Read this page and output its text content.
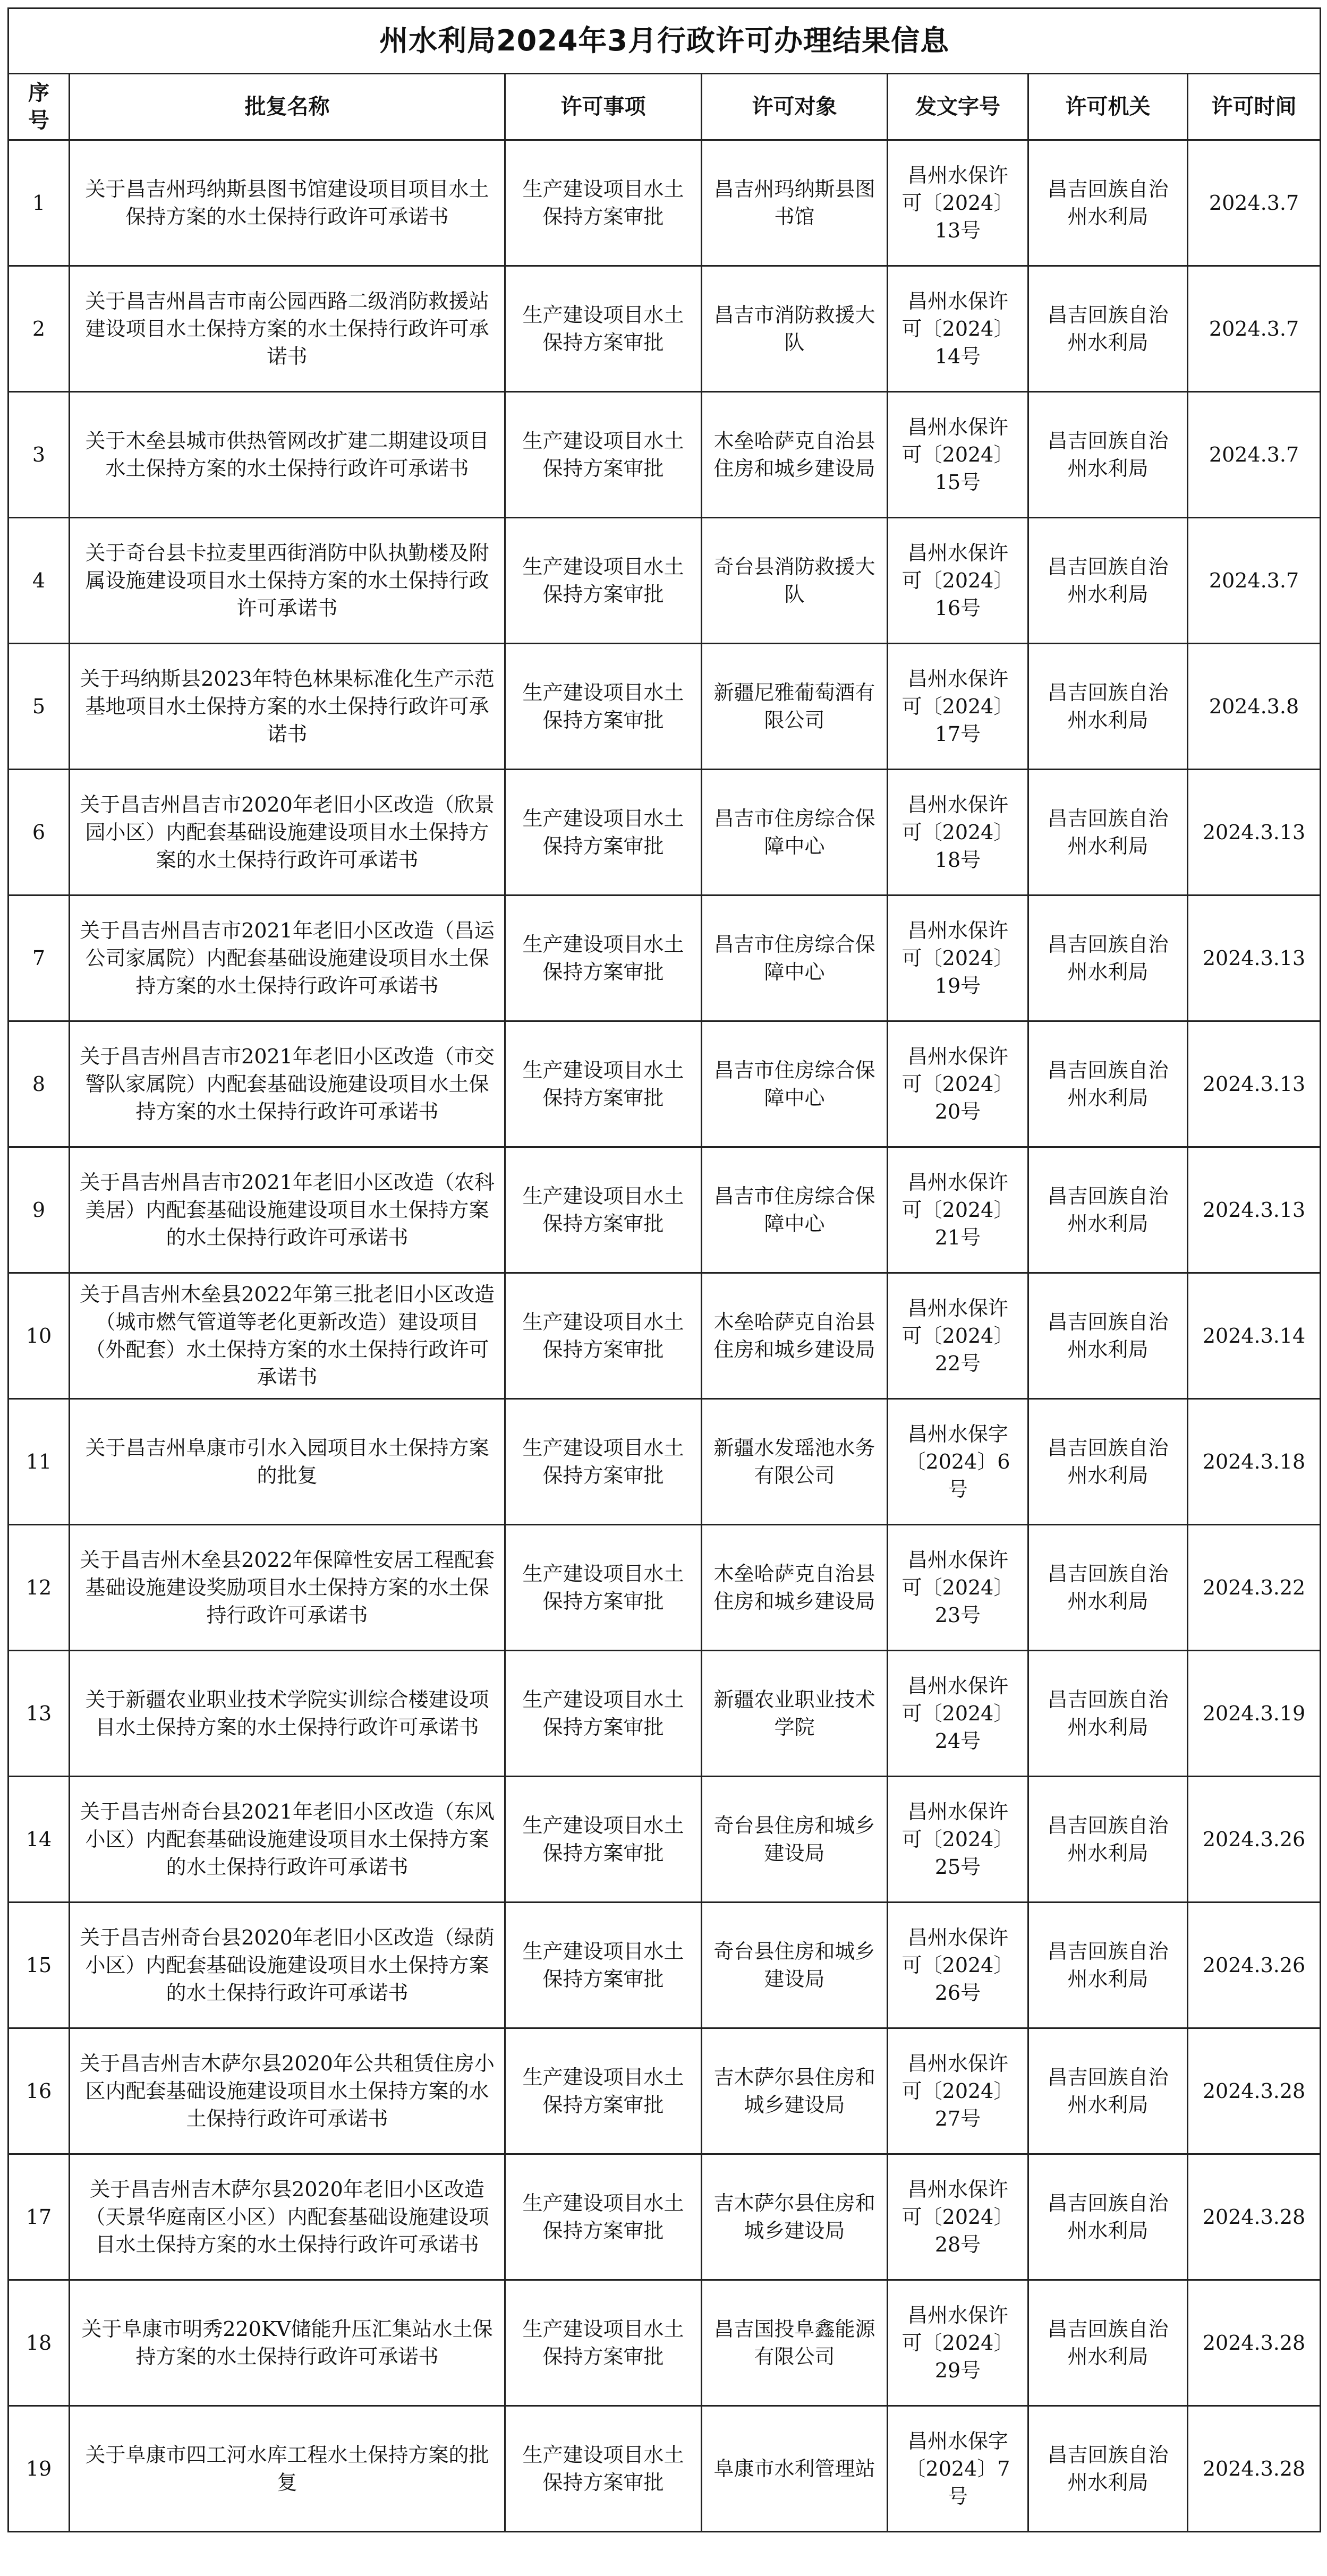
州水利局2024年3月行政许可办理结果信息						
序号	批复名称	许可事项	许可对象	发文字号	许可机关	许可时间
1	关于昌吉州玛纳斯县图书馆建设项目项目水土保持方案的水土保持行政许可承诺书	生产建设项目水土保持方案审批	昌吉州玛纳斯县图书馆	昌州水保许可〔2024〕13号	昌吉回族自治州水利局	2024.3.7
2	关于昌吉州昌吉市南公园西路二级消防救援站建设项目水土保持方案的水土保持行政许可承诺书	生产建设项目水土保持方案审批	昌吉市消防救援大队	昌州水保许可〔2024〕14号	昌吉回族自治州水利局	2024.3.7
3	关于木垒县城市供热管网改扩建二期建设项目水土保持方案的水土保持行政许可承诺书	生产建设项目水土保持方案审批	木垒哈萨克自治县住房和城乡建设局	昌州水保许可〔2024〕15号	昌吉回族自治州水利局	2024.3.7
4	关于奇台县卡拉麦里西街消防中队执勤楼及附属设施建设项目水土保持方案的水土保持行政许可承诺书	生产建设项目水土保持方案审批	奇台县消防救援大队	昌州水保许可〔2024〕16号	昌吉回族自治州水利局	2024.3.7
5	关于玛纳斯县2023年特色林果标准化生产示范基地项目水土保持方案的水土保持行政许可承诺书	生产建设项目水土保持方案审批	新疆尼雅葡萄酒有限公司	昌州水保许可〔2024〕17号	昌吉回族自治州水利局	2024.3.8
6	关于昌吉州昌吉市2020年老旧小区改造（欣景园小区）内配套基础设施建设项目水土保持方案的水土保持行政许可承诺书	生产建设项目水土保持方案审批	昌吉市住房综合保障中心	昌州水保许可〔2024〕18号	昌吉回族自治州水利局	2024.3.13
7	关于昌吉州昌吉市2021年老旧小区改造（昌运公司家属院）内配套基础设施建设项目水土保持方案的水土保持行政许可承诺书	生产建设项目水土保持方案审批	昌吉市住房综合保障中心	昌州水保许可〔2024〕19号	昌吉回族自治州水利局	2024.3.13
8	关于昌吉州昌吉市2021年老旧小区改造（市交警队家属院）内配套基础设施建设项目水土保持方案的水土保持行政许可承诺书	生产建设项目水土保持方案审批	昌吉市住房综合保障中心	昌州水保许可〔2024〕20号	昌吉回族自治州水利局	2024.3.13
9	关于昌吉州昌吉市2021年老旧小区改造（农科美居）内配套基础设施建设项目水土保持方案的水土保持行政许可承诺书	生产建设项目水土保持方案审批	昌吉市住房综合保障中心	昌州水保许可〔2024〕21号	昌吉回族自治州水利局	2024.3.13
10	关于昌吉州木垒县2022年第三批老旧小区改造（城市燃气管道等老化更新改造）建设项目（外配套）水土保持方案的水土保持行政许可承诺书	生产建设项目水土保持方案审批	木垒哈萨克自治县住房和城乡建设局	昌州水保许可〔2024〕22号	昌吉回族自治州水利局	2024.3.14
11	关于昌吉州阜康市引水入园项目水土保持方案的批复	生产建设项目水土保持方案审批	新疆水发瑶池水务有限公司	昌州水保字〔2024〕6号	昌吉回族自治州水利局	2024.3.18
12	关于昌吉州木垒县2022年保障性安居工程配套基础设施建设奖励项目水土保持方案的水土保持行政许可承诺书	生产建设项目水土保持方案审批	木垒哈萨克自治县住房和城乡建设局	昌州水保许可〔2024〕23号	昌吉回族自治州水利局	2024.3.22
13	关于新疆农业职业技术学院实训综合楼建设项目水土保持方案的水土保持行政许可承诺书	生产建设项目水土保持方案审批	新疆农业职业技术学院	昌州水保许可〔2024〕24号	昌吉回族自治州水利局	2024.3.19
14	关于昌吉州奇台县2021年老旧小区改造（东风小区）内配套基础设施建设项目水土保持方案的水土保持行政许可承诺书	生产建设项目水土保持方案审批	奇台县住房和城乡建设局	昌州水保许可〔2024〕25号	昌吉回族自治州水利局	2024.3.26
15	关于昌吉州奇台县2020年老旧小区改造（绿荫小区）内配套基础设施建设项目水土保持方案的水土保持行政许可承诺书	生产建设项目水土保持方案审批	奇台县住房和城乡建设局	昌州水保许可〔2024〕26号	昌吉回族自治州水利局	2024.3.26
16	关于昌吉州吉木萨尔县2020年公共租赁住房小区内配套基础设施建设项目水土保持方案的水土保持行政许可承诺书	生产建设项目水土保持方案审批	吉木萨尔县住房和城乡建设局	昌州水保许可〔2024〕27号	昌吉回族自治州水利局	2024.3.28
17	关于昌吉州吉木萨尔县2020年老旧小区改造（天景华庭南区小区）内配套基础设施建设项目水土保持方案的水土保持行政许可承诺书	生产建设项目水土保持方案审批	吉木萨尔县住房和城乡建设局	昌州水保许可〔2024〕28号	昌吉回族自治州水利局	2024.3.28
18	关于阜康市明秀220KV储能升压汇集站水土保持方案的水土保持行政许可承诺书	生产建设项目水土保持方案审批	昌吉国投阜鑫能源有限公司	昌州水保许可〔2024〕29号	昌吉回族自治州水利局	2024.3.28
19	关于阜康市四工河水库工程水土保持方案的批复	生产建设项目水土保持方案审批	阜康市水利管理站	昌州水保字〔2024〕7号	昌吉回族自治州水利局	2024.3.28
